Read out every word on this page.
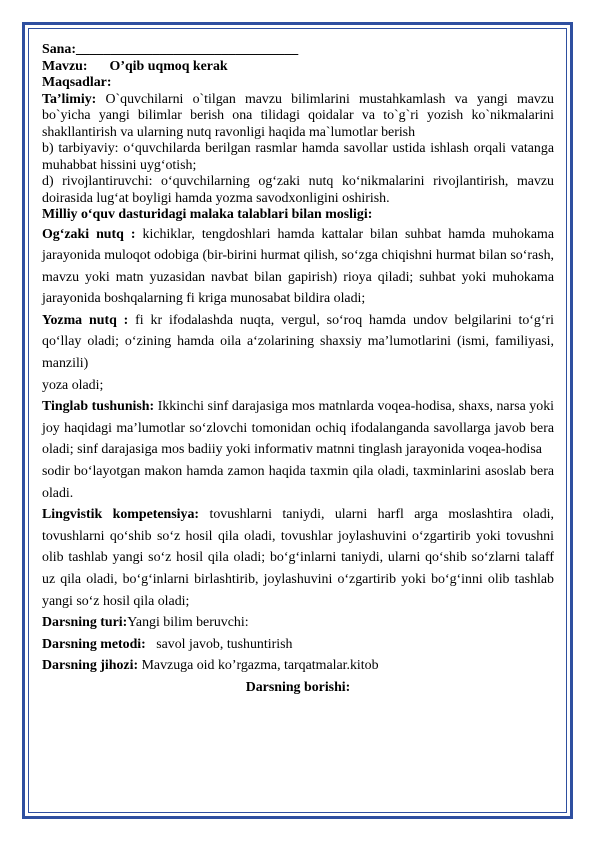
Sana:________________________________

Mavzu: O’qib uqmoq kerak

Maqsadlar:

Ta’limiy: O`quvchilarni o`tilgan mavzu bilimlarini mustahkamlash va yangi mavzu bo`yicha yangi bilimlar berish ona tilidagi qoidalar va to`g`ri yozish ko`nikmalarini shakllantirish va ularning nutq ravonligi haqida ma`lumotlar berish

b) tarbiyaviy: o‘quvchilarda berilgan rasmlar hamda savollar ustida ishlash orqali vatanga muhabbat hissini uyg‘otish;

d) rivojlantiruvchi: o‘quvchilarning og‘zaki nutq ko‘nikmalarini rivojlantirish, mavzu doirasida lug‘at boyligi hamda yozma savodxonligini oshirish.

Milliy o‘quv dasturidagi malaka talablari bilan mosligi:

Og‘zaki nutq : kichiklar, tengdoshlari hamda kattalar bilan suhbat hamda muhokama jarayonida muloqot odobiga (bir-birini hurmat qilish, so‘zga chiqishni hurmat bilan so‘rash, mavzu yoki matn yuzasidan navbat bilan gapirish) rioya qiladi; suhbat yoki muhokama jarayonida boshqalarning fi kriga munosabat bildira oladi;

Yozma nutq : fi kr ifodalashda nuqta, vergul, so‘roq hamda undov belgilarini to‘g‘ri qo‘llay oladi; o‘zining hamda oila a‘zolarining shaxsiy ma’lumotlarini (ismi, familiyasi, manzili)

yoza oladi;

Tinglab tushunish: Ikkinchi sinf darajasiga mos matnlarda voqea-hodisa, shaxs, narsa yoki joy haqidagi ma’lumotlar so‘zlovchi tomonidan ochiq ifodalanganda savollarga javob bera oladi; sinf darajasiga mos badiiy yoki informativ matnni tinglash jarayonida voqea-hodisa

sodir bo‘layotgan makon hamda zamon haqida taxmin qila oladi, taxminlarini asoslab bera oladi.

Lingvistik kompetensiya: tovushlarni taniydi, ularni harfl arga moslashtira oladi, tovushlarni qo‘shib so‘z hosil qila oladi, tovushlar joylashuvini o‘zgartirib yoki tovushni olib tashlab yangi so‘z hosil qila oladi; bo‘g‘inlarni taniydi, ularni qo‘shib so‘zlarni talaff uz qila oladi, bo‘g‘inlarni birlashtirib, joylashuvini o‘zgartirib yoki bo‘g‘inni olib tashlab yangi so‘z hosil qila oladi;

Darsning turi:Yangi bilim beruvchi:

Darsning metodi:   savol javob, tushuntirish

Darsning jihozi: Mavzuga oid ko’rgazma, tarqatmalar.kitob

Darsning borishi:
